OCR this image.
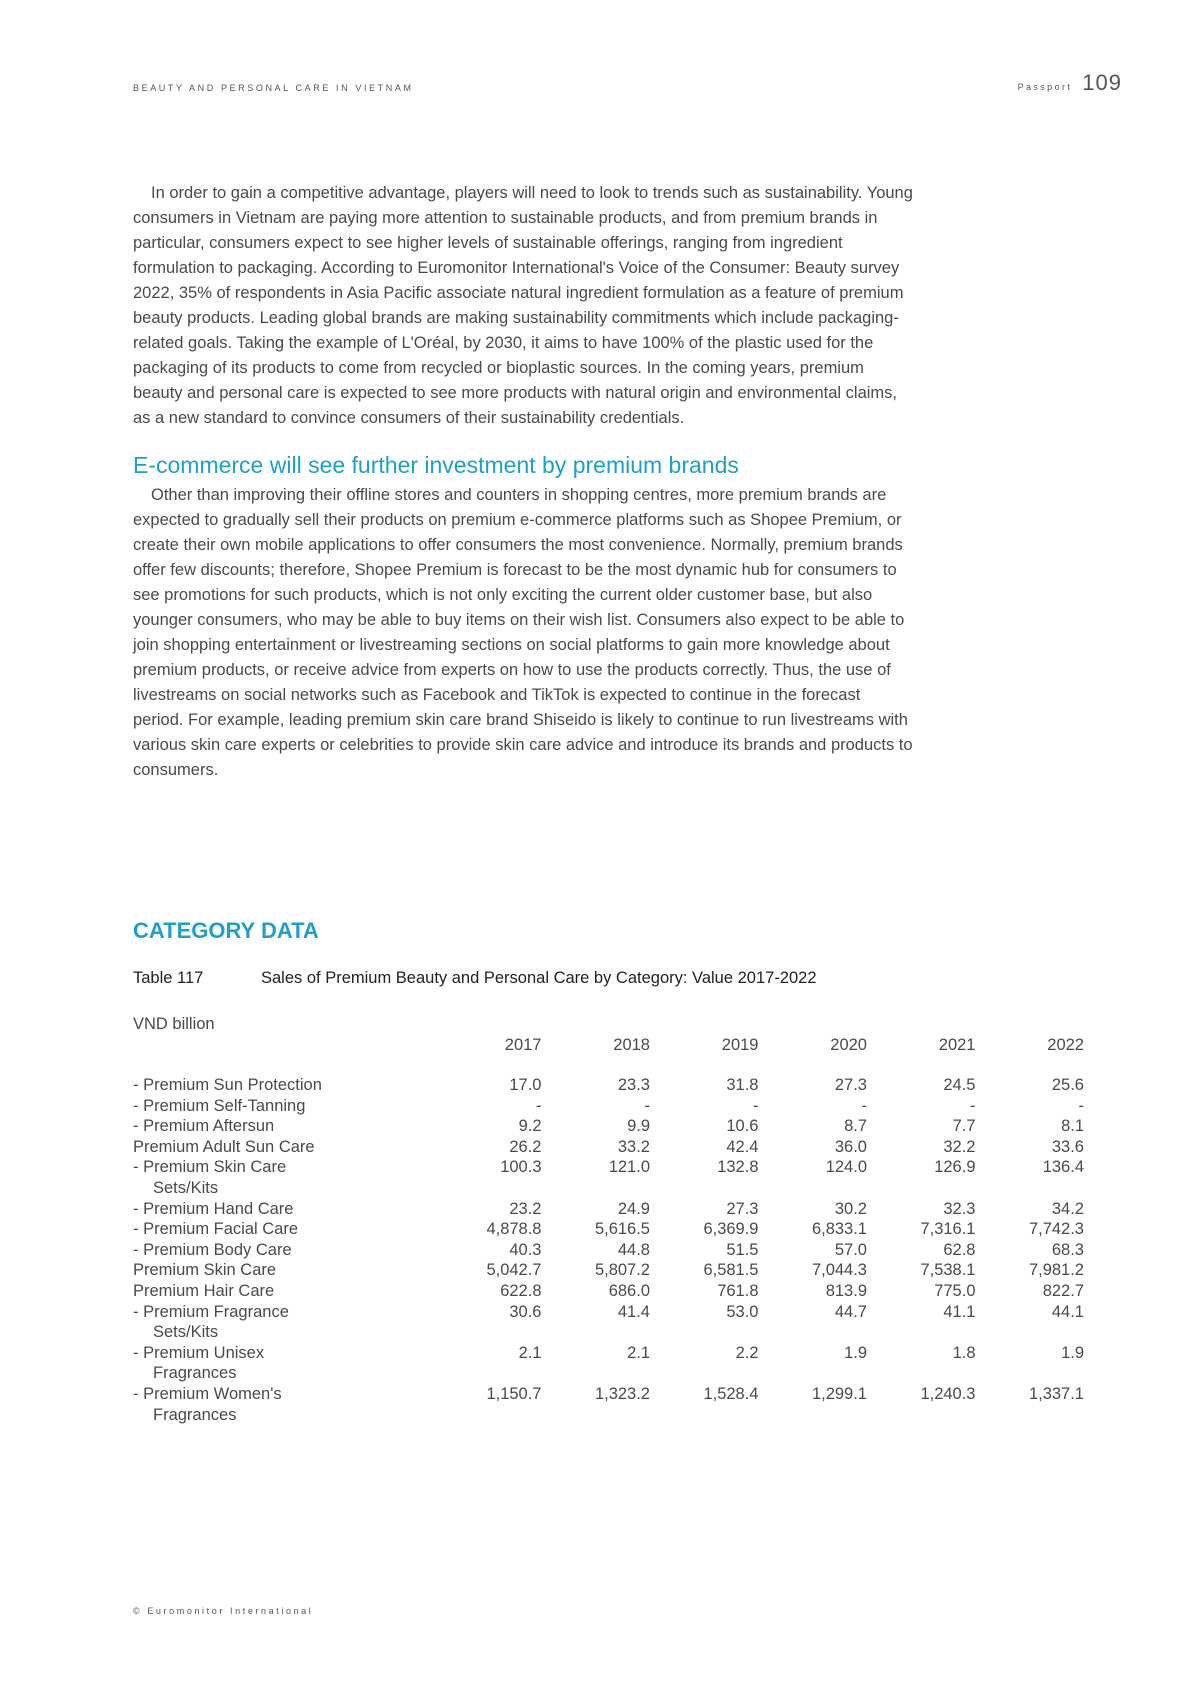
BEAUTY AND PERSONAL CARE IN VIETNAM	Passport 109

In order to gain a competitive advantage, players will need to look to trends such as sustainability. Young consumers in Vietnam are paying more attention to sustainable products, and from premium brands in particular, consumers expect to see higher levels of sustainable offerings, ranging from ingredient formulation to packaging. According to Euromonitor International's Voice of the Consumer: Beauty survey 2022, 35% of respondents in Asia Pacific associate natural ingredient formulation as a feature of premium beauty products. Leading global brands are making sustainability commitments which include packaging-related goals. Taking the example of L'Oréal, by 2030, it aims to have 100% of the plastic used for the packaging of its products to come from recycled or bioplastic sources. In the coming years, premium beauty and personal care is expected to see more products with natural origin and environmental claims, as a new standard to convince consumers of their sustainability credentials.

E-commerce will see further investment by premium brands

Other than improving their offline stores and counters in shopping centres, more premium brands are expected to gradually sell their products on premium e-commerce platforms such as Shopee Premium, or create their own mobile applications to offer consumers the most convenience. Normally, premium brands offer few discounts; therefore, Shopee Premium is forecast to be the most dynamic hub for consumers to see promotions for such products, which is not only exciting the current older customer base, but also younger consumers, who may be able to buy items on their wish list. Consumers also expect to be able to join shopping entertainment or livestreaming sections on social platforms to gain more knowledge about premium products, or receive advice from experts on how to use the products correctly. Thus, the use of livestreams on social networks such as Facebook and TikTok is expected to continue in the forecast period. For example, leading premium skin care brand Shiseido is likely to continue to run livestreams with various skin care experts or celebrities to provide skin care advice and introduce its brands and products to consumers.

CATEGORY DATA
Table 117	Sales of Premium Beauty and Personal Care by Category: Value 2017-2022
VND billion
	2017	2018	2019	2020	2021	2022
- Premium Sun Protection	17.0	23.3	31.8	27.3	24.5	25.6
- Premium Self-Tanning	-	-	-	-	-	-
- Premium Aftersun	9.2	9.9	10.6	8.7	7.7	8.1
Premium Adult Sun Care	26.2	33.2	42.4	36.0	32.2	33.6
- Premium Skin Care
Sets/Kits	100.3	121.0	132.8	124.0	126.9	136.4
- Premium Hand Care	23.2	24.9	27.3	30.2	32.3	34.2
- Premium Facial Care	4,878.8	5,616.5	6,369.9	6,833.1	7,316.1	7,742.3
- Premium Body Care	40.3	44.8	51.5	57.0	62.8	68.3
Premium Skin Care	5,042.7	5,807.2	6,581.5	7,044.3	7,538.1	7,981.2
Premium Hair Care	622.8	686.0	761.8	813.9	775.0	822.7
- Premium Fragrance
Sets/Kits	30.6	41.4	53.0	44.7	41.1	44.1
- Premium Unisex
Fragrances	2.1	2.1	2.2	1.9	1.8	1.9
- Premium Women's
Fragrances	1,150.7	1,323.2	1,528.4	1,299.1	1,240.3	1,337.1
© Euromonitor International
